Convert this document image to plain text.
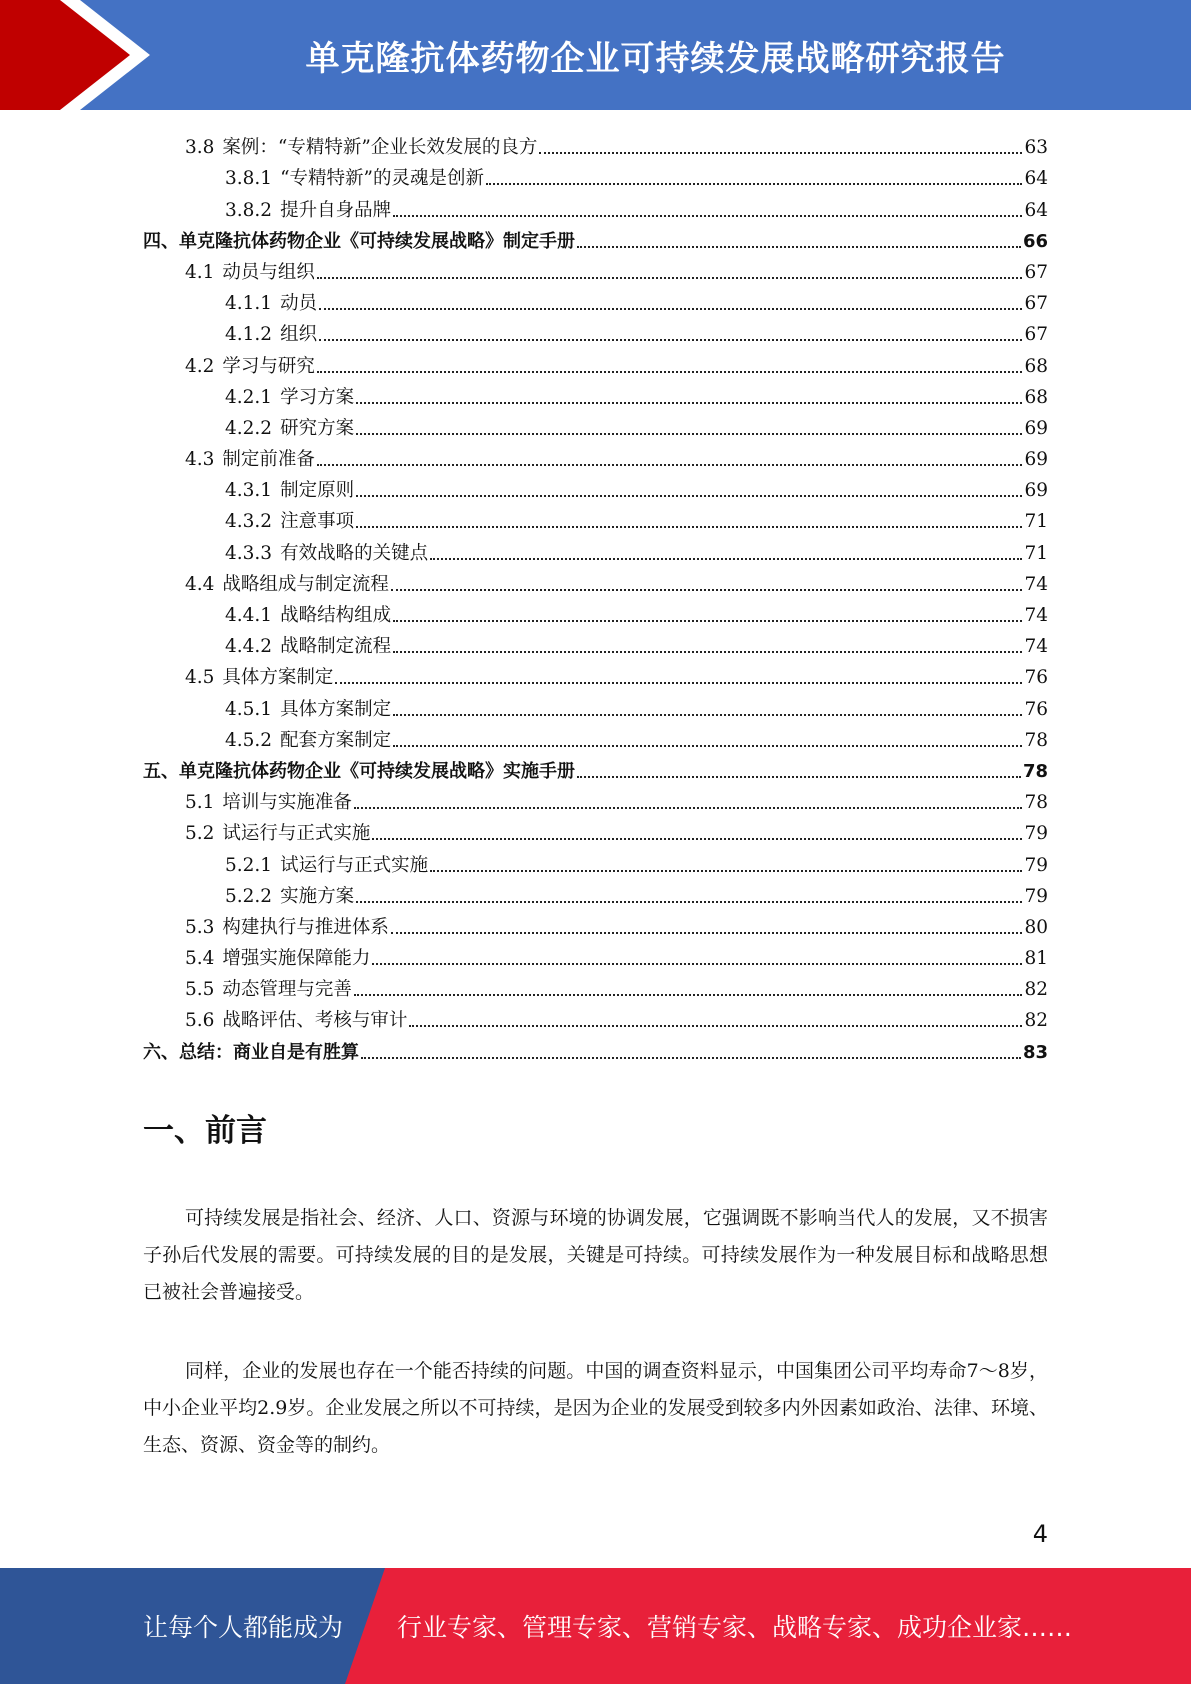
单克隆抗体药物企业可持续发展战略研究报告
3.8 案例：“专精特新”企业长效发展的良方	63
3.8.1 “专精特新”的灵魂是创新	64
3.8.2 提升自身品牌	64
四、单克隆抗体药物企业《可持续发展战略》制定手册	66
4.1 动员与组织	67
4.1.1 动员	67
4.1.2 组织	67
4.2 学习与研究	68
4.2.1 学习方案	68
4.2.2 研究方案	69
4.3 制定前准备	69
4.3.1 制定原则	69
4.3.2 注意事项	71
4.3.3 有效战略的关键点	71
4.4 战略组成与制定流程	74
4.4.1 战略结构组成	74
4.4.2 战略制定流程	74
4.5 具体方案制定	76
4.5.1 具体方案制定	76
4.5.2 配套方案制定	78
五、单克隆抗体药物企业《可持续发展战略》实施手册	78
5.1 培训与实施准备	78
5.2 试运行与正式实施	79
5.2.1 试运行与正式实施	79
5.2.2 实施方案	79
5.3 构建执行与推进体系	80
5.4 增强实施保障能力	81
5.5 动态管理与完善	82
5.6 战略评估、考核与审计	82
六、总结：商业自是有胜算	83
一、前言
可持续发展是指社会、经济、人口、资源与环境的协调发展，它强调既不影响当代人的发展，又不损害子孙后代发展的需要。可持续发展的目的是发展，关键是可持续。可持续发展作为一种发展目标和战略思想已被社会普遍接受。
同样，企业的发展也存在一个能否持续的问题。中国的调查资料显示，中国集团公司平均寿命7～8岁，中小企业平均2.9岁。企业发展之所以不可持续，是因为企业的发展受到较多内外因素如政治、法律、环境、生态、资源、资金等的制约。
4
让每个人都能成为 行业专家、管理专家、营销专家、战略专家、成功企业家……
